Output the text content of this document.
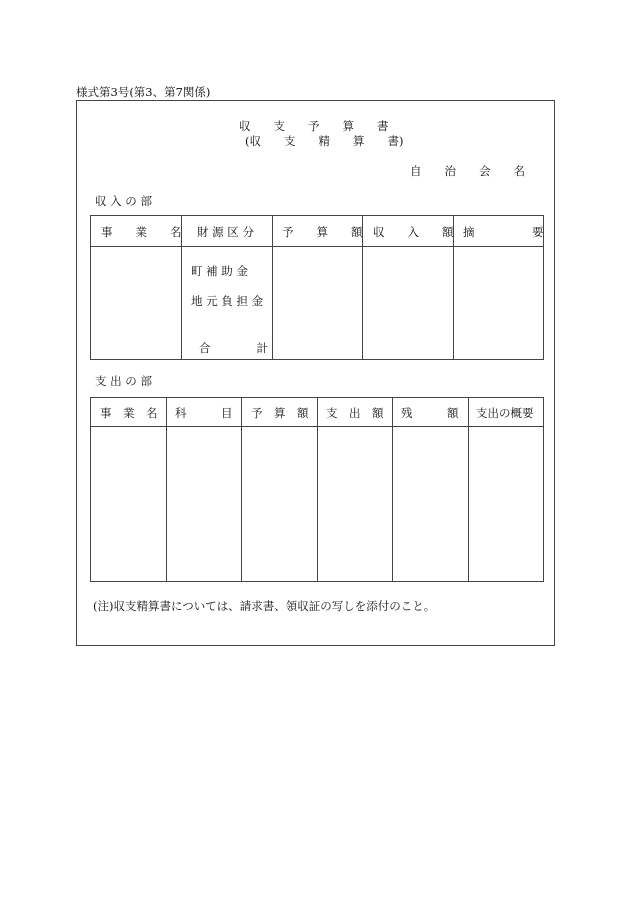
様式第3号(第3、第7関係)
収　　支　　予　　算　　書
(収　　支　　精　　算　　書)
自　　治　　会　　名
収 入 の 部
事　　業　　名 財 源 区 分 予　　算　　額 収　　入　　額 摘　　　　　要
町 補 助 金
地 元 負 担 金
合　　　　計
支 出 の 部
事　業　名 科　　　目 予　算　額 支　出　額 残　　　額 支出の概要
(注)収支精算書については、請求書、領収証の写しを添付のこと。
